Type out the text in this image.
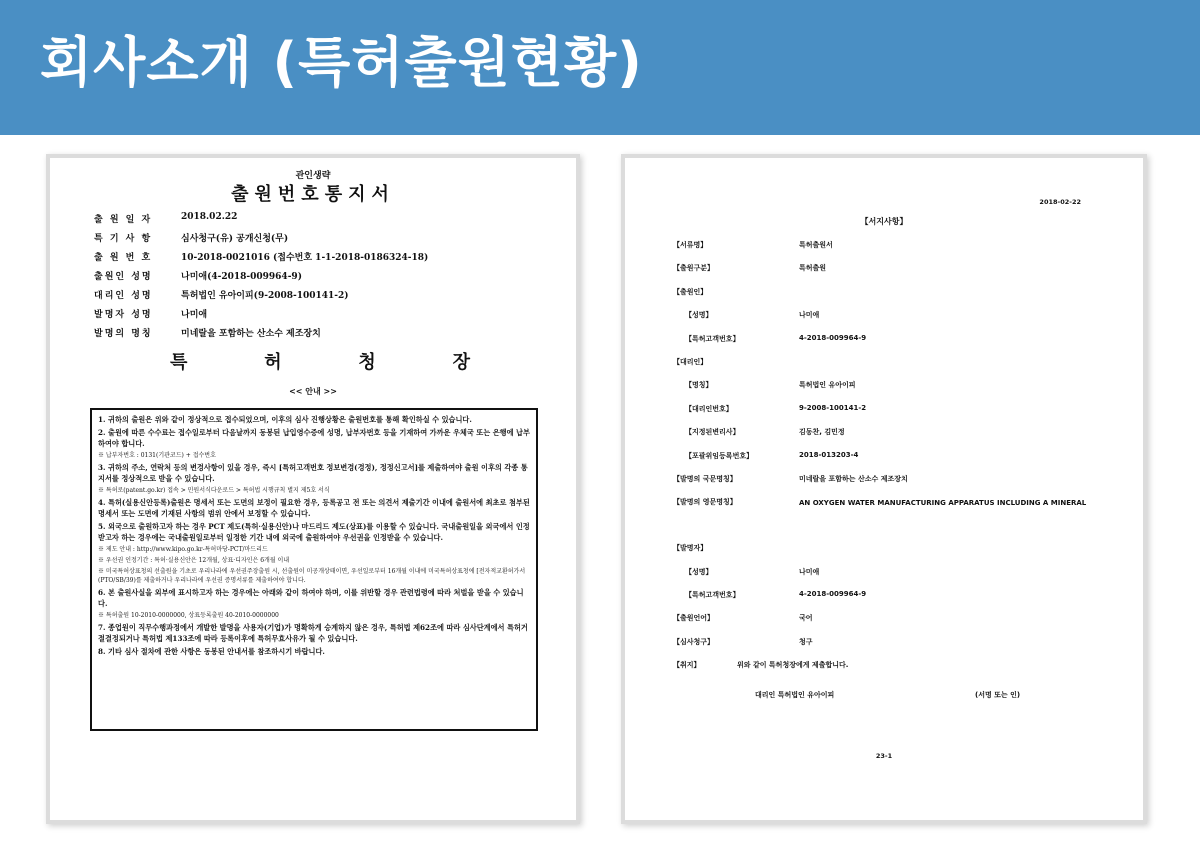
회사소개 (특허출원현황)
관인생략
출원번호통지서
출 원 일 자	2018.02.22
특 기 사 항	심사청구(유) 공개신청(무)
출 원 번 호	10-2018-0021016 (접수번호 1-1-2018-0186324-18)
출원인 성명	나미애(4-2018-009964-9)
대리인 성명	특허법인 유아이피(9-2008-100141-2)
발명자 성명	나미애
발명의 명칭	미네랄을 포함하는 산소수 제조장치
특	허	청	장
<< 안내 >>
1. 귀하의 출원은 위와 같이 정상적으로 접수되었으며, 이후의 심사 진행상황은 출원번호를 통해 확인하실 수 있습니다.
2. 출원에 따른 수수료는 접수일로부터 다음날까지 동봉된 납입영수증에 성명, 납부자번호 등을 기재하여 가까운 우체국 또는 은행에 납부하여야 합니다.
※ 납부자번호 : 0131(기관코드) + 접수번호
3. 귀하의 주소, 연락처 등의 변경사항이 있을 경우, 즉시 [특허고객번호 정보변경(경정), 정정신고서]를 제출하여야 출원 이후의 각종 통지서를 정상적으로 받을 수 있습니다.
※ 특허로(patent.go.kr) 접속 > 민원서식다운로드 > 특허법 시행규칙 별지 제5호 서식
4. 특허(실용신안등록)출원은 명세서 또는 도면의 보정이 필요한 경우, 등록공고 전 또는 의견서 제출기간 이내에 출원서에 최초로 첨부된 명세서 또는 도면에 기재된 사항의 범위 안에서 보정할 수 있습니다.
5. 외국으로 출원하고자 하는 경우 PCT 제도(특허·실용신안)나 마드리드 제도(상표)를 이용할 수 있습니다. 국내출원일을 외국에서 인정받고자 하는 경우에는 국내출원일로부터 일정한 기간 내에 외국에 출원하여야 우선권을 인정받을 수 있습니다.
※ 제도 안내 : http://www.kipo.go.kr-특허마당-PCT/마드리드
※ 우선권 인정기간 : 특허·실용신안은 12개월, 상표·디자인은 6개월 이내
※ 미국특허상표청의 선출원을 기초로 우리나라에 우선권주장출원 시, 선출원이 미공개상태이면, 우선일로부터 16개월 이내에 미국특허상표청에 [전자적교환허가서(PTO/SB/39)를 제출하거나 우리나라에 우선권 증명서류를 제출하여야 합니다.
6. 본 출원사실을 외부에 표시하고자 하는 경우에는 아래와 같이 하여야 하며, 이를 위반할 경우 관련법령에 따라 처벌을 받을 수 있습니다.
※ 특허출원 10-2010-0000000, 상표등록출원 40-2010-0000000
7. 종업원이 직무수행과정에서 개발한 발명을 사용자(기업)가 명확하게 승계하지 않은 경우, 특허법 제62조에 따라 심사단계에서 특허거절결정되거나 특허법 제133조에 따라 등록이후에 특허무효사유가 될 수 있습니다.
8. 기타 심사 절차에 관한 사항은 동봉된 안내서를 참조하시기 바랍니다.
2018-02-22
【서지사항】
【서류명】	특허출원서
【출원구분】	특허출원
【출원인】
【성명】	나미애
【특허고객번호】	4-2018-009964-9
【대리인】
【명칭】	특허법인 유아이피
【대리인번호】	9-2008-100141-2
【지정된변리사】	김동찬, 김민정
【포괄위임등록번호】	2018-013203-4
【발명의 국문명칭】	미네랄을 포함하는 산소수 제조장치
【발명의 영문명칭】	AN OXYGEN WATER MANUFACTURING APPARATUS INCLUDING A MINERAL
【발명자】
【성명】	나미애
【특허고객번호】	4-2018-009964-9
【출원언어】	국어
【심사청구】	청구
【취지】	위와 같이 특허청장에게 제출합니다.
대리인 특허법인 유아이피	(서명 또는 인)
23-1
